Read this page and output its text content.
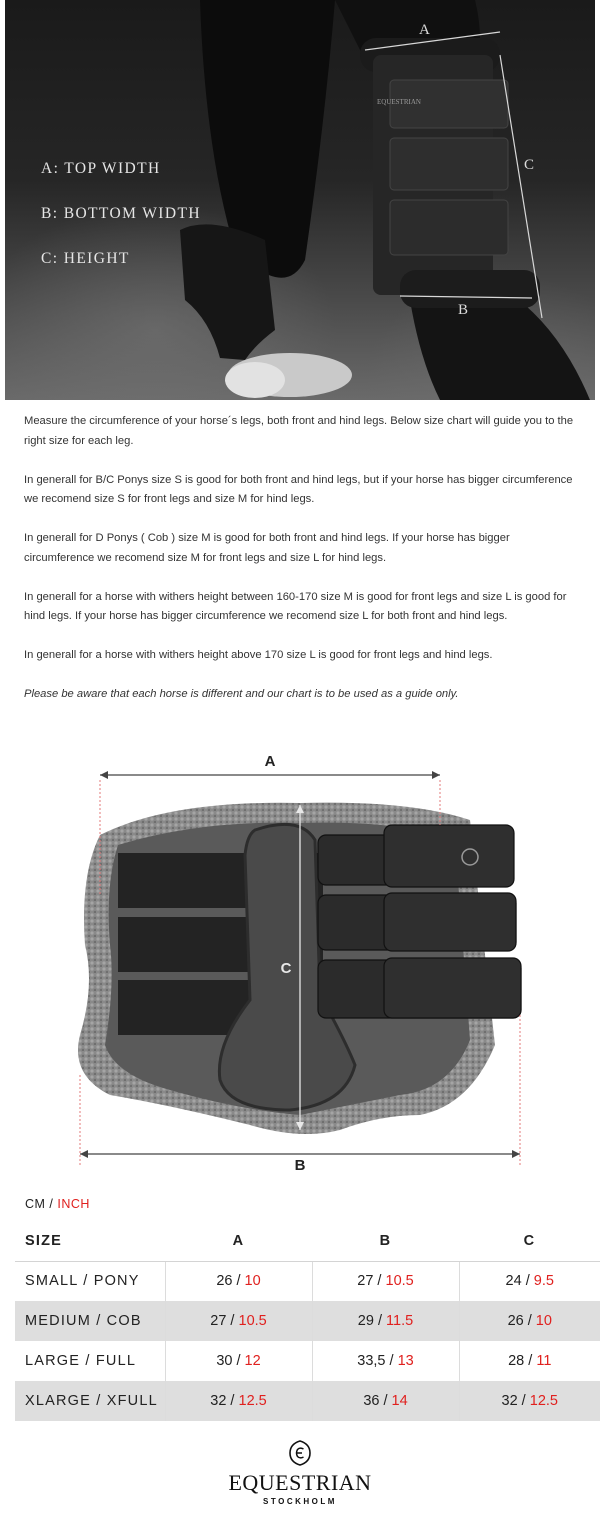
EQUESTRIAN
A: TOP WIDTH
B: BOTTOM WIDTH
C: HEIGHT
A
C
B

Measure the circumference of your horse´s legs, both front and hind legs. Below size chart will guide you to the right size for each leg.

In generall for B/C Ponys size S is good for both front and hind legs, but if your horse has bigger circumference we recomend size S for front legs and size M for hind legs.

In generall for D Ponys ( Cob ) size M is good for both front and hind legs. If your horse has bigger circumference we recomend size M for front legs and size L for hind legs.

In generall for a horse with withers height between 160-170 size M is good for front legs and size L is good for hind legs. If your horse has bigger circumference we recomend size L for both front and hind legs.

In generall for a horse with withers height above 170 size L is good for front legs and hind legs.

Please be aware that each horse is different and our chart is to be used as a guide only.

A
C
B
CM / INCH
SIZE	A	B	C
SMALL / PONY	26 / 10	27 / 10.5	24 / 9.5
MEDIUM / COB	27 / 10.5	29 / 11.5	26 / 10
LARGE / FULL	30 / 12	33,5 / 13	28 / 11
XLARGE / XFULL	32 / 12.5	36 / 14	32 / 12.5
EQUESTRIAN
STOCKHOLM
